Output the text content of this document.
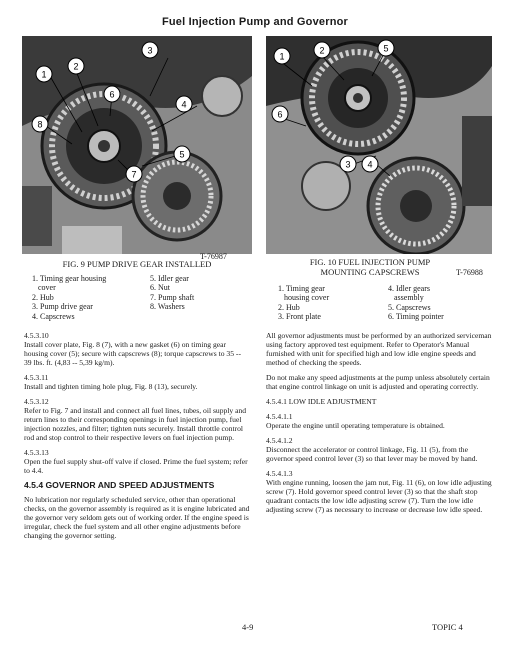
Fuel Injection Pump and Governor
1
2
3
4
5
6
7
8
T-76987
FIG. 9 PUMP DRIVE GEAR INSTALLED
1. Timing gear housing	5. Idler gear
cover	6. Nut
2. Hub	7. Pump shaft
3. Pump drive gear	8. Washers
4. Capscrews
1
2
3 4
5
6
FIG. 10 FUEL INJECTION PUMP
MOUNTING CAPSCREWS	T-76988
1. Timing gear	4. Idler gears
housing cover	assembly
2. Hub	5. Capscrews
3. Front plate	6. Timing pointer

4.5.3.10
Install cover plate, Fig. 8 (7), with a new gasket (6) on timing gear housing cover (5); secure with capscrews (8); torque capscrews to 35 -- 39 lbs. ft. (4,83 -- 5,39 kg/m).

4.5.3.11
Install and tighten timing hole plug, Fig. 8 (13), securely.

4.5.3.12
Refer to Fig. 7 and install and connect all fuel lines, tubes, oil supply and return lines to their corresponding openings in fuel injection pump, fuel injection nozzles, and filter; tighten nuts securely. Install throttle control rod and stop control to their respective levers on fuel injection pump.

4.5.3.13
Open the fuel supply shut-off valve if closed. Prime the fuel system; refer to 4.4.

4.5.4 GOVERNOR AND SPEED ADJUSTMENTS

No lubrication nor regularly scheduled service, other than operational checks, on the governor assembly is required as it is engine lubricated and the governor very seldom gets out of working order. If the engine speed is irregular, check the fuel system and all other engine adjustments before changing the governor setting.

All governor adjustments must be performed by an authorized serviceman using factory approved test equipment. Refer to Operator's Manual furnished with unit for specified high and low idle engine speeds and method of checking the speeds.

Do not make any speed adjustments at the pump unless absolutely certain that engine control linkage on unit is adjusted and operating correctly.

4.5.4.1 LOW IDLE ADJUSTMENT

4.5.4.1.1
Operate the engine until operating temperature is obtained.

4.5.4.1.2
Disconnect the accelerator or control linkage, Fig. 11 (5), from the governor speed control lever (3) so that lever may be moved by hand.

4.5.4.1.3
With engine running, loosen the jam nut, Fig. 11 (6), on low idle adjusting screw (7). Hold governor speed control lever (3) so that the shaft stop quadrant contacts the low idle adjusting screw (7). Turn the low idle adjusting screw (7) as necessary to increase or decrease low idle speed.

4-9	TOPIC 4
